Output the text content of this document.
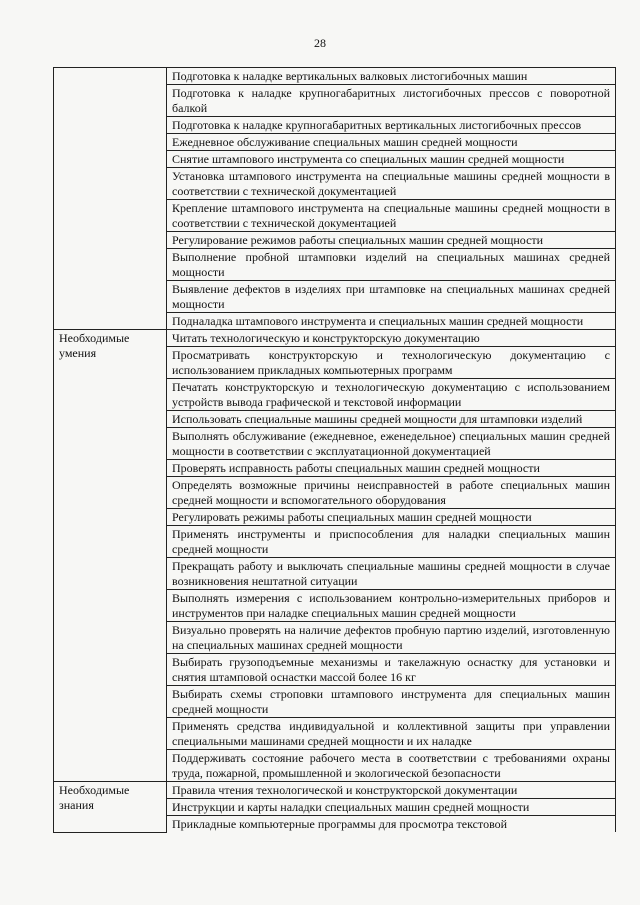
28
	Подготовка к наладке вертикальных валковых листогибочных машин
	Подготовка к наладке крупногабаритных листогибочных прессов с поворотной балкой
	Подготовка к наладке крупногабаритных вертикальных листогибочных прессов
	Ежедневное обслуживание специальных машин средней мощности
	Снятие штампового инструмента со специальных машин средней мощности
	Установка штампового инструмента на специальные машины средней мощности в соответствии с технической документацией
	Крепление штампового инструмента на специальные машины средней мощности в соответствии с технической документацией
	Регулирование режимов работы специальных машин средней мощности
	Выполнение пробной штамповки изделий на специальных машинах средней мощности
	Выявление дефектов в изделиях при штамповке на специальных машинах средней мощности
	Подналадка штампового инструмента и специальных машин средней мощности
Необходимые умения	Читать технологическую и конструкторскую документацию
	Просматривать конструкторскую и технологическую документацию с использованием прикладных компьютерных программ
	Печатать конструкторскую и технологическую документацию с использованием устройств вывода графической и текстовой информации
	Использовать специальные машины средней мощности для штамповки изделий
	Выполнять обслуживание (ежедневное, еженедельное) специальных машин средней мощности в соответствии с эксплуатационной документацией
	Проверять исправность работы специальных машин средней мощности
	Определять возможные причины неисправностей в работе специальных машин средней мощности и вспомогательного оборудования
	Регулировать режимы работы специальных машин средней мощности
	Применять инструменты и приспособления для наладки специальных машин средней мощности
	Прекращать работу и выключать специальные машины средней мощности в случае возникновения нештатной ситуации
	Выполнять измерения с использованием контрольно-измерительных приборов и инструментов при наладке специальных машин средней мощности
	Визуально проверять на наличие дефектов пробную партию изделий, изготовленную на специальных машинах средней мощности
	Выбирать грузоподъемные механизмы и такелажную оснастку для установки и снятия штамповой оснастки массой более 16 кг
	Выбирать схемы строповки штампового инструмента для специальных машин средней мощности
	Применять средства индивидуальной и коллективной защиты при управлении специальными машинами средней мощности и их наладке
	Поддерживать состояние рабочего места в соответствии с требованиями охраны труда, пожарной, промышленной и экологической безопасности
Необходимые знания	Правила чтения технологической и конструкторской документации
	Инструкции и карты наладки специальных машин средней мощности
	Прикладные компьютерные программы для просмотра текстовой
